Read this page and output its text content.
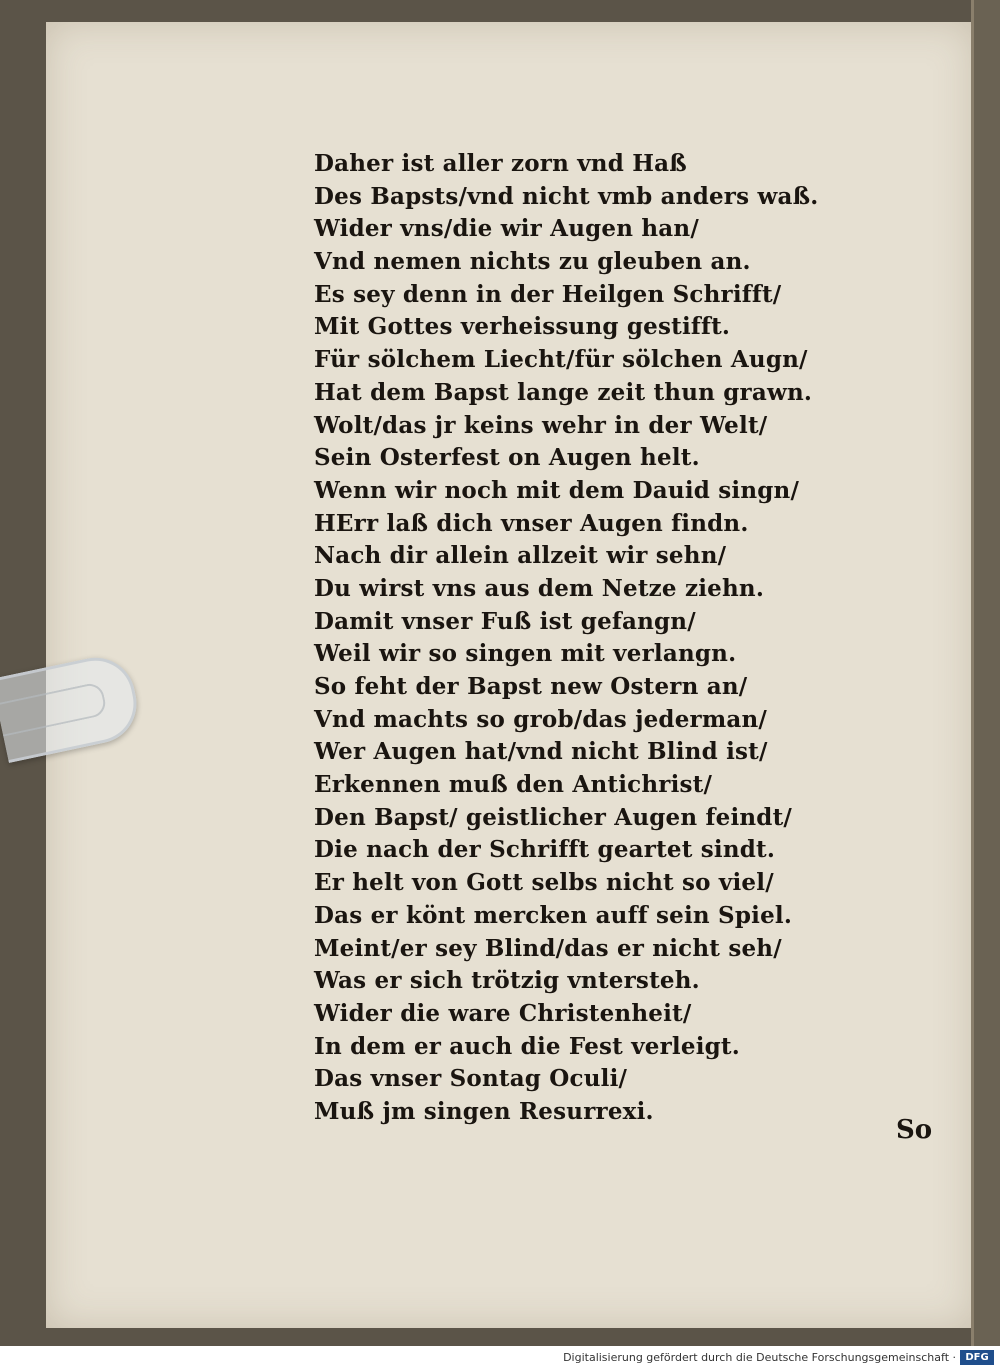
Daher ist aller zorn vnd Haß
Des Bapsts/vnd nicht vmb anders waß.
Wider vns/die wir Augen han/
Vnd nemen nichts zu gleuben an.
Es sey denn in der Heilgen Schrifft/
Mit Gottes verheissung gestifft.
Für sölchem Liecht/für sölchen Augn/
Hat dem Bapst lange zeit thun grawn.
Wolt/das jr keins wehr in der Welt/
Sein Osterfest on Augen helt.
Wenn wir noch mit dem Dauid singn/
HErr laß dich vnser Augen findn.
Nach dir allein allzeit wir sehn/
Du wirst vns aus dem Netze ziehn.
Damit vnser Fuß ist gefangn/
Weil wir so singen mit verlangn.
So feht der Bapst new Ostern an/
Vnd machts so grob/das jederman/
Wer Augen hat/vnd nicht Blind ist/
Erkennen muß den Antichrist/
Den Bapst/ geistlicher Augen feindt/
Die nach der Schrifft geartet sindt.
Er helt von Gott selbs nicht so viel/
Das er könt mercken auff sein Spiel.
Meint/er sey Blind/das er nicht seh/
Was er sich trötzig vntersteh.
Wider die ware Christenheit/
In dem er auch die Fest verleigt.
Das vnser Sontag Oculi/
Muß jm singen Resurrexi.
So
Digitalisierung gefördert durch die Deutsche Forschungsgemeinschaft · DFG
